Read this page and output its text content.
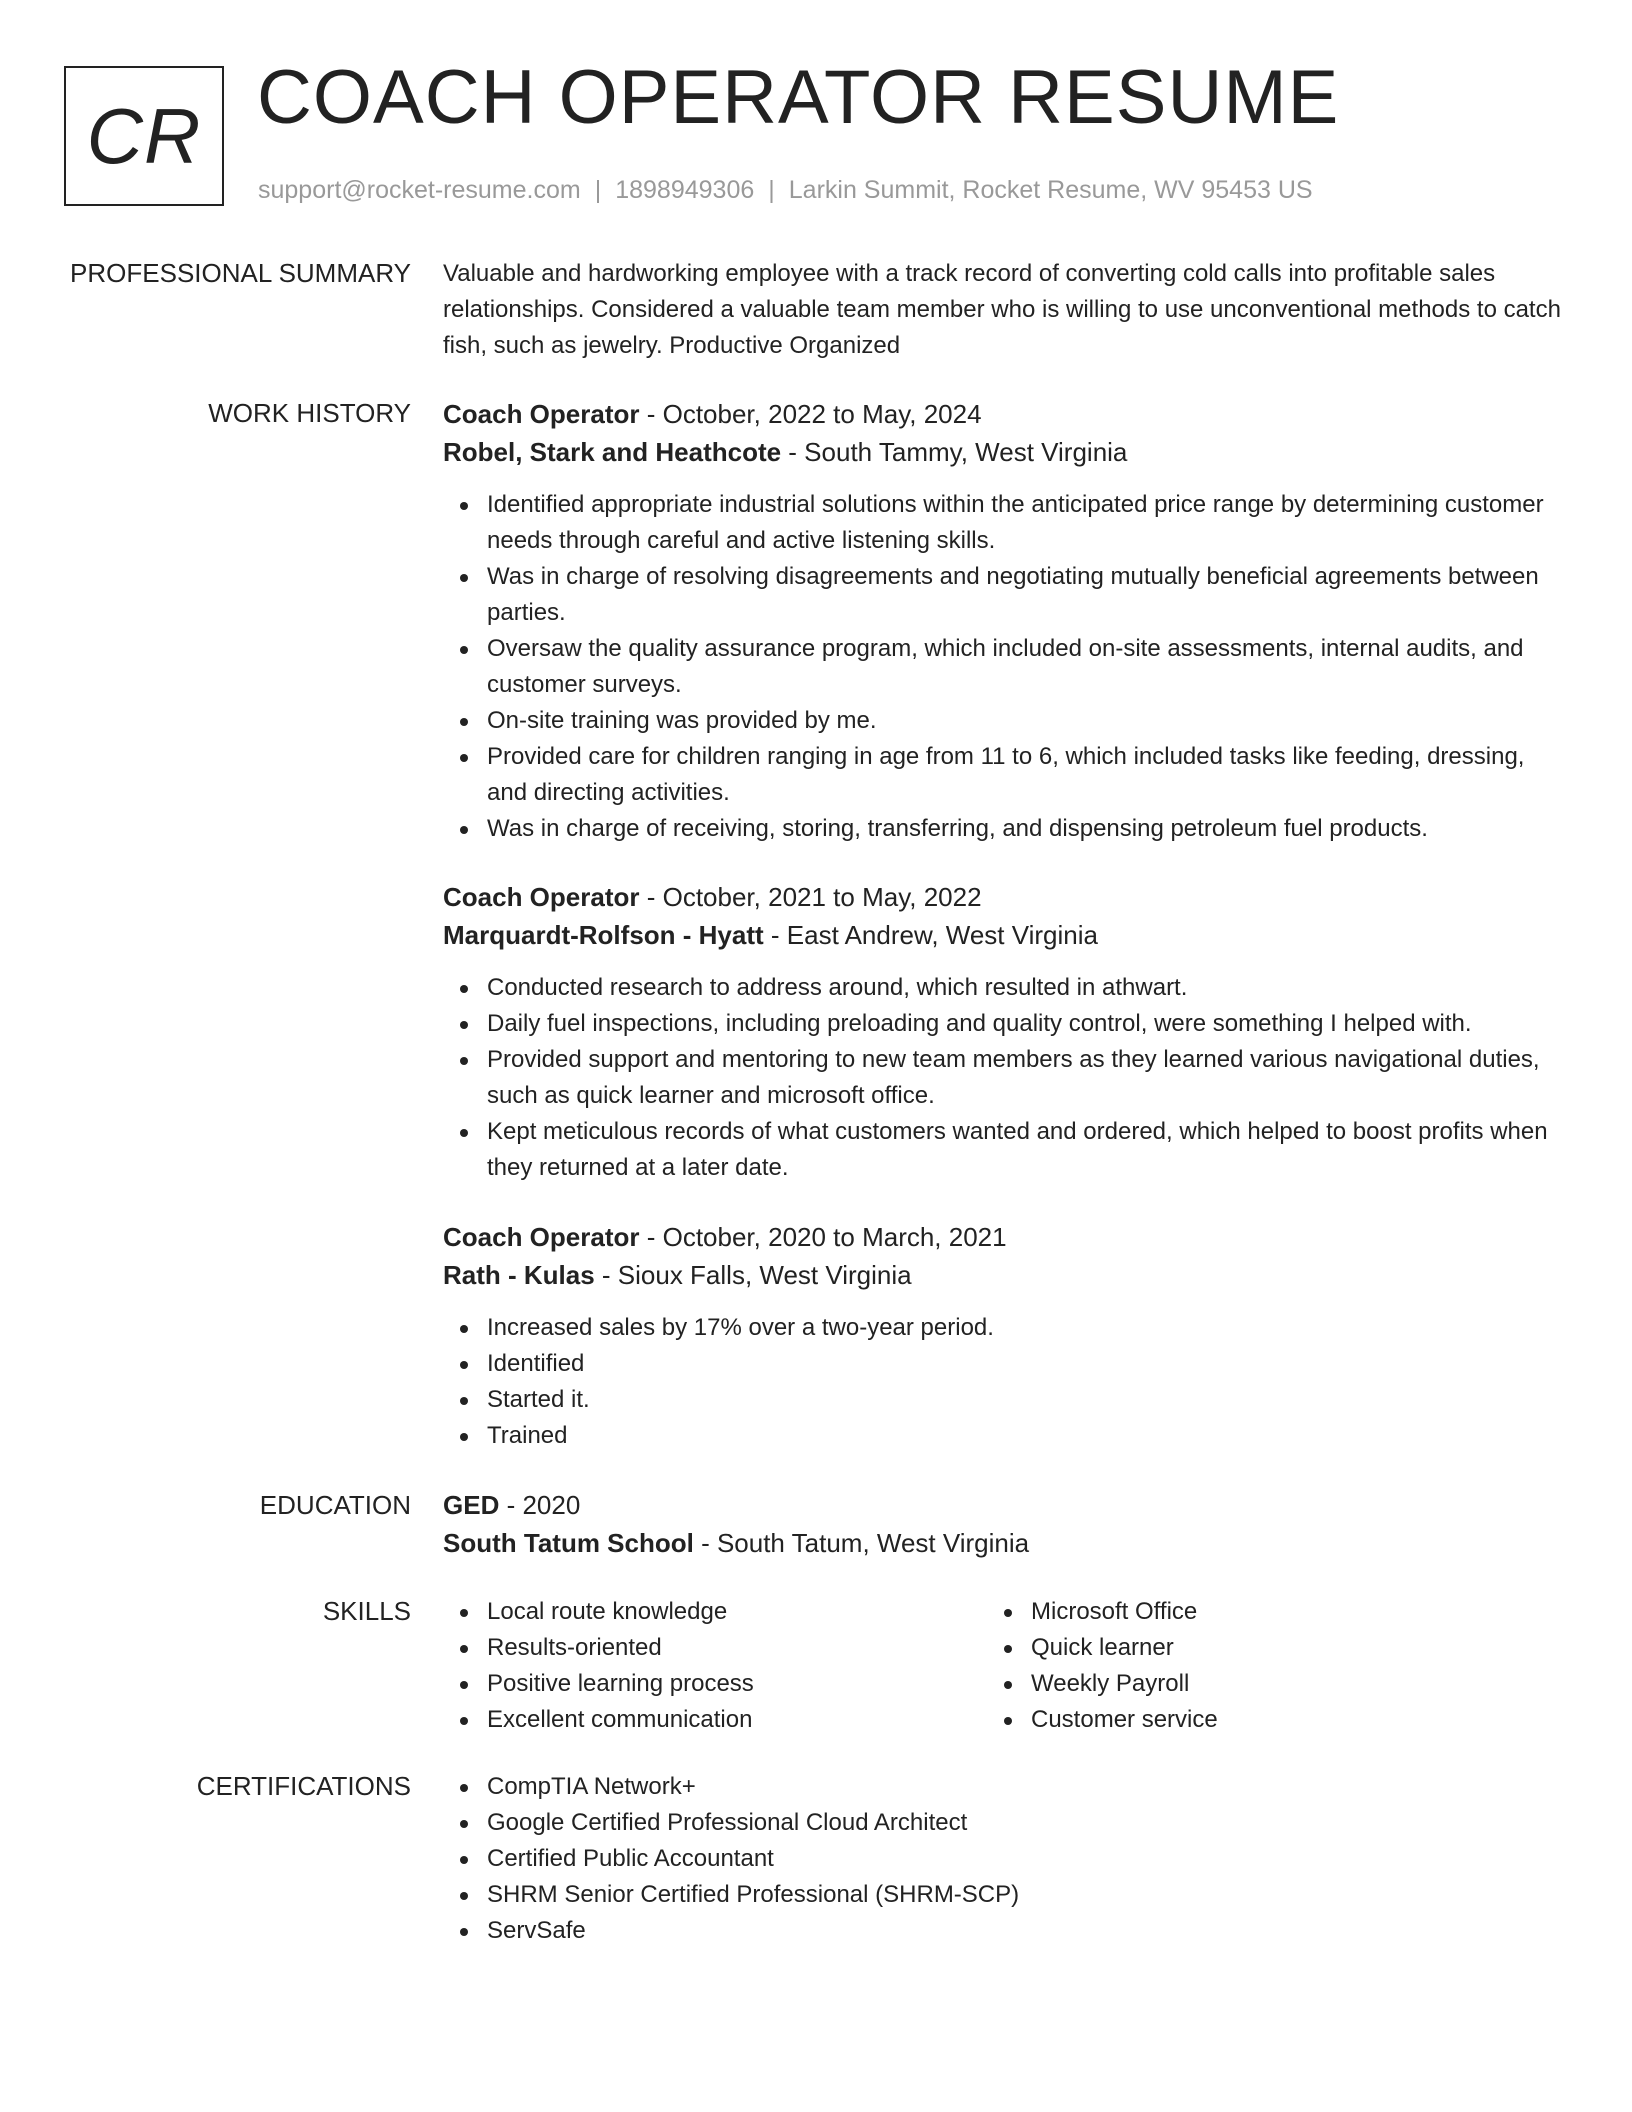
CR COACH OPERATOR RESUME
support@rocket-resume.com | 1898949306 | Larkin Summit, Rocket Resume, WV 95453 US
PROFESSIONAL SUMMARY Valuable and hardworking employee with a track record of converting cold calls into profitable sales relationships. Considered a valuable team member who is willing to use unconventional methods to catch fish, such as jewelry. Productive Organized

WORK HISTORY Coach Operator - October, 2022 to May, 2024
Robel, Stark and Heathcote - South Tammy, West Virginia
Identified appropriate industrial solutions within the anticipated price range by determining customer needs through careful and active listening skills.
Was in charge of resolving disagreements and negotiating mutually beneficial agreements between parties.
Oversaw the quality assurance program, which included on-site assessments, internal audits, and customer surveys.
On-site training was provided by me.
Provided care for children ranging in age from 11 to 6, which included tasks like feeding, dressing, and directing activities.
Was in charge of receiving, storing, transferring, and dispensing petroleum fuel products.
Coach Operator - October, 2021 to May, 2022
Marquardt-Rolfson - Hyatt - East Andrew, West Virginia
Conducted research to address around, which resulted in athwart.
Daily fuel inspections, including preloading and quality control, were something I helped with.
Provided support and mentoring to new team members as they learned various navigational duties, such as quick learner and microsoft office.
Kept meticulous records of what customers wanted and ordered, which helped to boost profits when they returned at a later date.
Coach Operator - October, 2020 to March, 2021
Rath - Kulas - Sioux Falls, West Virginia
Increased sales by 17% over a two-year period.
Identified
Started it.
Trained
EDUCATION GED - 2020
South Tatum School - South Tatum, West Virginia
SKILLS	Local route knowledge
Results-oriented
Positive learning process
Excellent communication
Microsoft Office
Quick learner
Weekly Payroll
Customer service
CERTIFICATIONS	CompTIA Network+
Google Certified Professional Cloud Architect
Certified Public Accountant
SHRM Senior Certified Professional (SHRM-SCP)
ServSafe
